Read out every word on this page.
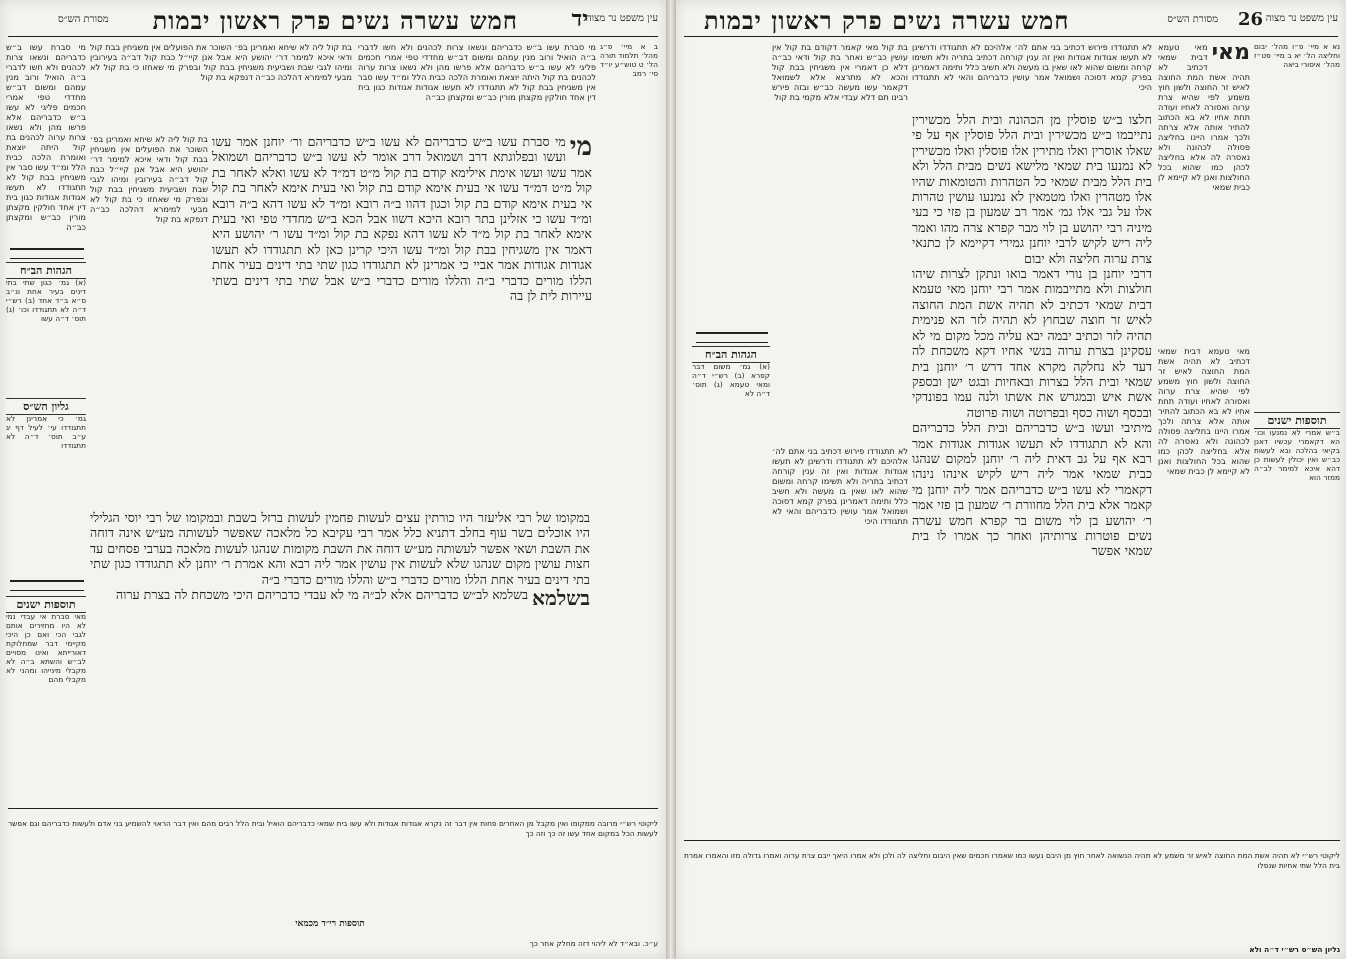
עין משפט נר מצוה
יד
חמש עשרה נשים פרק ראשון יבמות
מסורת הש״ס

ב א מיי׳ פ״ג מהל׳ תלמוד תורה הל׳ ט טוש״ע יו״ד סי׳ רמב

מי סברת עשו ב״ש כדבריהם ונשאו צרות לכהנים ולא חשו לדברי ב״ה הואיל ורוב מנין עמהם ומשום דב״ש מחדדי טפי אמרי חכמים פליגי לא עשו ב״ש כדבריהם אלא פרשו מהן ולא נשאו צרות ערוה לכהנים בת קול היתה יוצאת ואומרת הלכה כבית הלל ומ״ד עשו סבר אין משגיחין בבת קול לא תתגודדו לא תעשו אגודות אגודות כגון בית דין אחד חולקין מקצתן מורין כב״ש ומקצתן כב״ה

בת קול ליה לא שיחא ואמרינן בפ׳ השוכר את הפועלים אין משגיחין בבת קול ודאי איכא למימר דר׳ יהושע היא אבל אנן קיי״ל כבת קול דב״ה בעירובין ומיהו לגבי שבת ושביעית משגיחין בבת קול ובפרק מי שאחזו כי בת קול לא מבעי למימרא דהלכה כב״ה דנפקא בת קול

מי

מי סברת עשו ב״ש כדבריהם לא עשו ב״ש כדבריהם ור׳ יוחנן אמר עשו ועשו ובפלוגתא דרב ושמואל דרב אומר לא עשו ב״ש כדבריהם ושמואל אמר עשו ועשו אימת אילימא קודם בת קול מ״ט דמ״ד לא עשו ואלא לאחר בת קול מ״ט דמ״ד עשו אי בעית אימא קודם בת קול ואי בעית אימא לאחר בת קול אי בעית אימא קודם בת קול וכגון דהוו ב״ה רובא ומ״ד לא עשו דהא ב״ה רובא ומ״ד עשו כי אזלינן בתר רובא היכא דשוו אבל הכא ב״ש מחדדי טפי ואי בעית אימא לאחר בת קול מ״ד לא עשו דהא נפקא בת קול ומ״ד עשו ר׳ יהושע היא דאמר אין משגיחין בבת קול ומ״ד עשו היכי קרינן כאן לא תתגודדו לא תעשו אגודות אגודות אמר אביי כי אמרינן לא תתגודדו כגון שתי בתי דינים בעיר אחת הללו מורים כדברי ב״ה והללו מורים כדברי ב״ש אבל שתי בתי דינים בשתי עיירות לית לן בה

בת קול ליה לא שיחא ואמרינן בפ׳ השוכר את הפועלים אין משגיחין בבת קול ודאי איכא למימר דר׳ יהושע היא אבל אנן קיי״ל כבת קול דב״ה בעירובין ומיהו לגבי שבת ושביעית משגיחין בבת קול ובפרק מי שאחזו כי בת קול לא מבעי למימרא דהלכה כב״ה דנפקא בת קול

במקומו של רבי אליעזר היו כורתין עצים לעשות פחמין לעשות ברזל בשבת ובמקומו של רבי יוסי הגלילי היו אוכלים בשר עוף בחלב דתניא כלל אמר רבי עקיבא כל מלאכה שאפשר לעשותה מע״ש אינה דוחה את השבת ושאי אפשר לעשותה מע״ש דוחה את השבת מקומות שנהגו לעשות מלאכה בערבי פסחים עד חצות עושין מקום שנהגו שלא לעשות אין עושין אמר ליה רבא והא אמרת ר׳ יוחנן לא תתגודדו כגון שתי בתי דינים בעיר אחת הללו מורים כדברי ב״ש והללו מורים כדברי ב״ה

בשלמא

בשלמא לב״ש כדבריהם אלא לב״ה מי לא עבדי כדבריהם היכי משכחת לה בצרת ערוה

מי סברת עשו ב״ש כדבריהם ונשאו צרות לכהנים ולא חשו לדברי ב״ה הואיל ורוב מנין עמהם ומשום דב״ש מחדדי טפי אמרי חכמים פליגי לא עשו ב״ש כדבריהם אלא פרשו מהן ולא נשאו צרות ערוה לכהנים בת קול היתה יוצאת ואומרת הלכה כבית הלל ומ״ד עשו סבר אין משגיחין בבת קול לא תתגודדו לא תעשו אגודות אגודות כגון בית דין אחד חולקין מקצתן מורין כב״ש ומקצתן כב״ה

הגהות הב״ח

(א) גמ׳ כגון שתי בתי דינים בעיר אחת ונ״ב ס״א ב״ד אחד (ב) רש״י ד״ה לא תתגודדו וכו׳ (ג) תוס׳ ד״ה עשו

גליון הש״ס

גמ׳ כי אמרינן לא תתגודדו עי׳ לעיל דף יג ע״ב תוס׳ ד״ה לא תתגודדו

תוספות ישנים

מאי סברת אי עבדי נמי לא היו מחזירים אותם לגבי הכי ואם כן היכי מקיימי דבר שמחלוקת דאורייתא ואינו מסויים לב״ש והשתא ב״ה לא מקבלי מינייהו ומהני לא מקבלי מהם

ליקוטי רש״י מרובה ממקומו ואין מקבל מן האחרים פחות אין דבר זה נקרא אגודות אגודות ולא עשו בית שמאי כדבריהם הואיל ובית הלל רבים מהם ואין דבר הראוי להשמיע בני אדם ולעשות כדבריהם וגם אפשר לעשות הכל במקום אחד עשו זה כך וזה כך

תוספות רי״ד מכמאי

ע״כ. ובא״ד לא ליהוי דזה מחלק אחר כך

עין משפט נר מצוה
26
מסורת הש״ס
חמש עשרה נשים פרק ראשון יבמות

נא א מיי׳ פ״ו מהל׳ יבום וחליצה הל׳ יא ב מיי׳ פט״ז מהל׳ איסורי ביאה

מאי

מאי טעמא דבית שמאי דכתיב לא תהיה אשת המת החוצה לאיש זר החוצה ולשון חוץ משמע לפי שהיא צרת ערוה ואסורה לאחיו ועודה תחת אחיו לא בא הכתוב להתיר אותה אלא צרתה ולכך אמרו היינו בחליצה פסולה לכהונה ולא נאסרה לה אלא בחליצה לכהן כמו שהוא בכל החולצות ואנן לא קיימא לן כבית שמאי

לא תתגודדו פירוש דכתיב בני אתם לה׳ אלהיכם לא תתגודדו ודרשינן לא תעשו אגודות אגודות ואין זה ענין קורחה דכתיב בתריה ולא תשימו קרחה ומשום שהוא לאו שאין בו מעשה ולא חשיב כלל ותימה דאמרינן בפרק קמא דסוכה ושמואל אמר עושין כדבריהם והאי לא תתגודדו היכי

בת קול מאי קאמר דקודם בת קול אין עושין כב״ש ואחר בת קול ודאי כב״ה דלא כן דאמרי אין משגיחין בבת קול והכא לא מתרצא אלא לשמואל דקאמר עשו מעשה כב״ש ובזה פירש רבינו תם דלא עבדי אלא מקמי בת קול

חלצו ב״ש פוסלין מן הכהונה ובית הלל מכשירין נתייבמו ב״ש מכשירין ובית הלל פוסלין אף על פי שאלו אוסרין ואלו מתירין אלו פוסלין ואלו מכשירין לא נמנעו בית שמאי מלישא נשים מבית הלל ולא בית הלל מבית שמאי כל הטהרות והטומאות שהיו אלו מטהרין ואלו מטמאין לא נמנעו עושין טהרות אלו על גבי אלו גמ׳ אמר רב שמעון בן פזי כי בעי מיניה רבי יהושע בן לוי מבר קפרא צרה מהו ואמר ליה ריש לקיש לרבי יוחנן גמירי דקיימא לן כתנאי צרת ערוה חליצה ולא יבום

דרבי יוחנן בן נורי דאמר בואו ונתקן לצרות שיהו חולצות ולא מתייבמות אמר רבי יוחנן מאי טעמא דבית שמאי דכתיב לא תהיה אשת המת החוצה לאיש זר חוצה שבחוץ לא תהיה לזר הא פנימית תהיה לזר וכתיב יבמה יבא עליה מכל מקום מי לא עסקינן בצרת ערוה בנשי אחיו דקא משכחת לה דעד לא נחלקה מקרא אחד דרש ר׳ יוחנן בית שמאי ובית הלל בצרות ובאחיות ובגט ישן ובספק אשת איש ובמגרש את אשתו ולנה עמו בפונדקי ובכסף ושוה כסף ובפרוטה ושוה פרוטה

מיתיבי ועשו ב״ש כדבריהם ובית הלל כדבריהם והא לא תתגודדו לא תעשו אגודות אגודות אמר רבא אף על גב דאית ליה ר׳ יוחנן למקום שנהגו כבית שמאי אמר ליה ריש לקיש אינהו נינהו דקאמרי לא עשו ב״ש כדבריהם אמר ליה יוחנן מי קאמר אלא בית הלל מחוורת ר׳ שמעון בן פזי אמר ר׳ יהושע בן לוי משום בר קפרא חמש עשרה נשים פוטרות צרותיהן ואחר כך אמרו לו בית שמאי אפשר

מאי טעמא דבית שמאי דכתיב לא תהיה אשת המת החוצה לאיש זר החוצה ולשון חוץ משמע לפי שהיא צרת ערוה ואסורה לאחיו ועודה תחת אחיו לא בא הכתוב להתיר אותה אלא צרתה ולכך אמרו היינו בחליצה פסולה לכהונה ולא נאסרה לה אלא בחליצה לכהן כמו שהוא בכל החולצות ואנן לא קיימא לן כבית שמאי

הגהות הב״ח

(א) גמ׳ משום דבר קפרא (ב) רש״י ד״ה ומאי טעמא (ג) תוס׳ ד״ה לא

לא תתגודדו פירוש דכתיב בני אתם לה׳ אלהיכם לא תתגודדו ודרשינן לא תעשו אגודות אגודות ואין זה ענין קורחה דכתיב בתריה ולא תשימו קרחה ומשום שהוא לאו שאין בו מעשה ולא חשיב כלל ותימה דאמרינן בפרק קמא דסוכה ושמואל אמר עושין כדבריהם והאי לא תתגודדו היכי

תוספות ישנים

ב״ש אמרי לא נמנעו וכו׳ הא דקאמרי עכשיו דאנן בקיאי בהלכה ובא לעשות כב״ש ואין יכולין לעשות כן דהא איכא למימר לב״ה ממזר הוא

ליקוטי רש״י לא תהיה אשת המת החוצה לאיש זר משמע לא תהיה הנשואה לאחר חוץ מן היבם נעשו כמו שאמרו חכמים שאין היבום וחליצה לה ולכן ולא אמרו היאך ייבם צרת ערוה ואמרו גדולה מזו והאמרו אמרת בית הלל שתי אחיות שנפלו

גליון הש״ס רש״י ד״ה ולא
